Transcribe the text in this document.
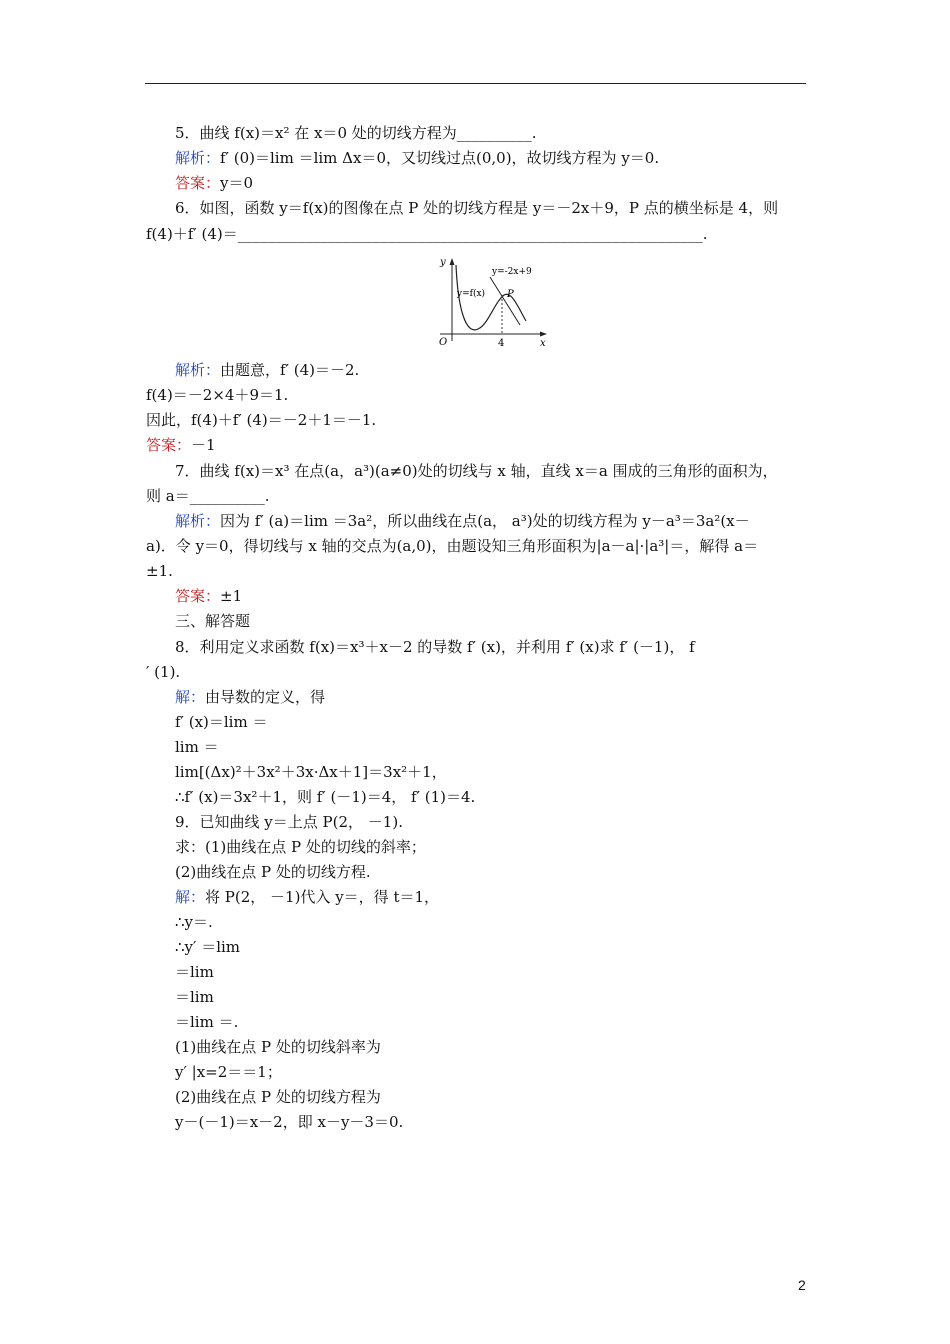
5．曲线 f(x)＝x² 在 x＝0 处的切线方程为__________.
解析：f′ (0)＝lim ＝lim Δx＝0，又切线过点(0,0)，故切线方程为 y＝0.
答案：y＝0
6．如图，函数 y＝f(x)的图像在点 P 处的切线方程是 y＝－2x＋9，P 点的横坐标是 4，则
f(4)＋f′ (4)＝______________________________________________________________.
解析：由题意，f′ (4)＝－2.
f(4)＝－2×4＋9＝1.
因此，f(4)＋f′ (4)＝－2＋1＝－1.
答案：－1
7．曲线 f(x)＝x³ 在点(a，a³)(a≠0)处的切线与 x 轴，直线 x＝a 围成的三角形的面积为，
则 a＝__________.
解析：因为 f′ (a)＝lim ＝3a²，所以曲线在点(a， a³)处的切线方程为 y－a³＝3a²(x－
a)．令 y＝0，得切线与 x 轴的交点为(a,0)，由题设知三角形面积为|a－a|·|a³|＝，解得 a＝
±1.
答案：±1
三、解答题
8．利用定义求函数 f(x)＝x³＋x－2 的导数 f′ (x)，并利用 f′ (x)求 f′ (－1)， f
′ (1).
解：由导数的定义，得
f′ (x)＝lim ＝
lim ＝
lim[(Δx)²＋3x²＋3x·Δx＋1]＝3x²＋1，
∴f′ (x)＝3x²＋1，则 f′ (－1)＝4， f′ (1)＝4.
9．已知曲线 y＝上点 P(2， －1).
求：(1)曲线在点 P 处的切线的斜率；
(2)曲线在点 P 处的切线方程.
解：将 P(2， －1)代入 y＝，得 t＝1，
∴y＝.
∴y′ ＝lim
＝lim
＝lim
＝lim ＝.
(1)曲线在点 P 处的切线斜率为
y′ |x=2＝＝1；
(2)曲线在点 P 处的切线方程为
y－(－1)＝x－2，即 x－y－3＝0.
y
x
O	4
y=-2x+9
y=f(x) P
2
